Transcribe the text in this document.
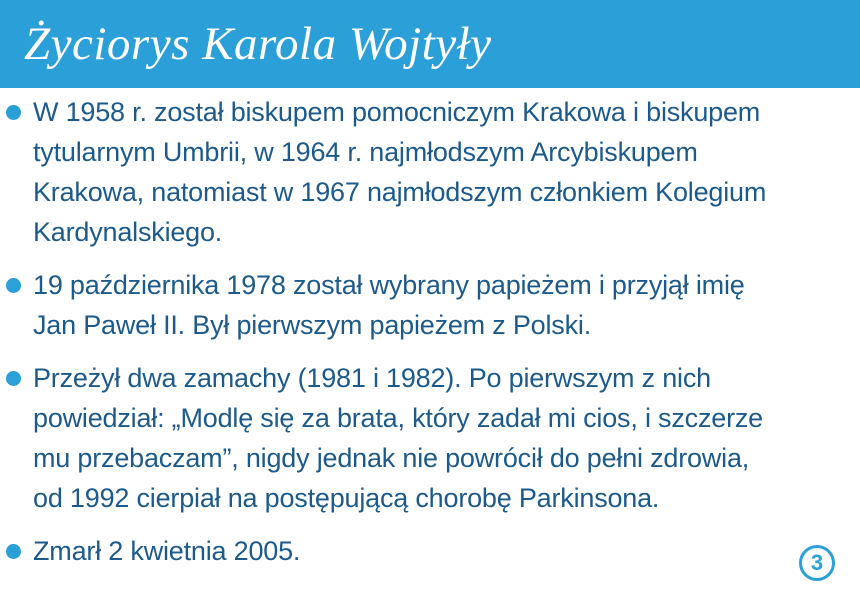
Życiorys Karola Wojtyły
W 1958 r. został biskupem pomocniczym Krakowa i biskupem
tytularnym Umbrii, w 1964 r. najmłodszym Arcybiskupem
Krakowa, natomiast w 1967 najmłodszym członkiem Kolegium
Kardynalskiego.
19 października 1978 został wybrany papieżem i przyjął imię
Jan Paweł II. Był pierwszym papieżem z Polski.
Przeżył dwa zamachy (1981 i 1982). Po pierwszym z nich
powiedział: „Modlę się za brata, który zadał mi cios, i szczerze
mu przebaczam”, nigdy jednak nie powrócił do pełni zdrowia,
od 1992 cierpiał na postępującą chorobę Parkinsona.
Zmarł 2 kwietnia 2005.	3
